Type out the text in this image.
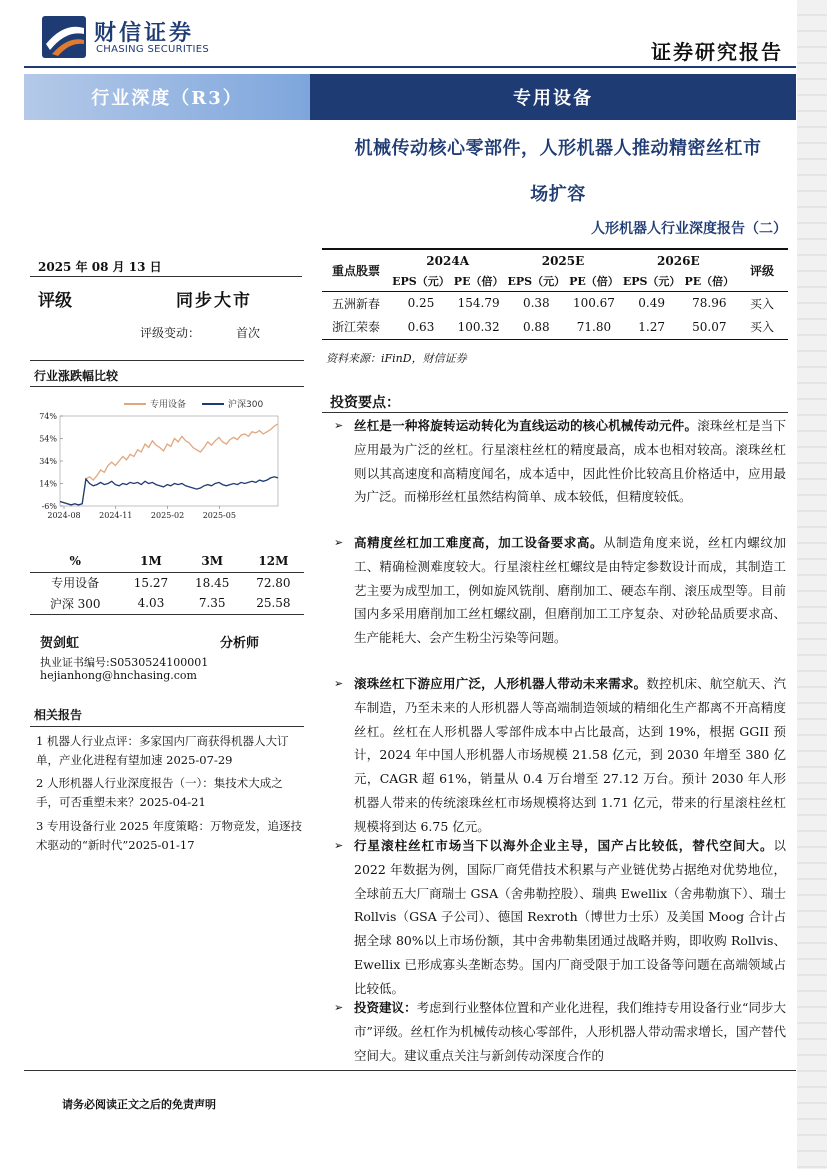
财信证券
CHASING SECURITIES	证券研究报告
行业深度（R3）	专用设备
机械传动核心零部件，人形机器人推动精密丝杠市
场扩容
人形机器人行业深度报告（二）
2025 年 08 月 13 日
评级	同步大市
评级变动：	首次
行业涨跌幅比较
74%
54%
34%
14%
-6%
2024-08 2024-11 2025-02 2025-05
专用设备	沪深300
%	1M	3M	12M
专用设备	15.27	18.45	72.80
沪深 300	4.03	7.35	25.58
贺剑虹	分析师
执业证书编号:S0530524100001
hejianhong@hnchasing.com
相关报告
1 机器人行业点评：多家国内厂商获得机器人大订单，产业化进程有望加速 2025-07-29
2 人形机器人行业深度报告（一）：集技术大成之手，可否重塑未来？2025-04-21
3 专用设备行业 2025 年度策略：万物竞发，追逐技术驱动的“新时代”2025-01-17
重点股票	2024A		2025E		2026E		评级
	EPS（元）	PE（倍）	EPS（元）	PE（倍）	EPS（元）	PE（倍）	
五洲新春	0.25	154.79	0.38	100.67	0.49	78.96	买入
浙江荣泰	0.63	100.32	0.88	71.80	1.27	50.07	买入
资料来源：iFinD，财信证券
投资要点：
➢ 丝杠是一种将旋转运动转化为直线运动的核心机械传动元件。滚珠丝杠是当下应用最为广泛的丝杠。行星滚柱丝杠的精度最高，成本也相对较高。滚珠丝杠则以其高速度和高精度闻名，成本适中，因此性价比较高且价格适中，应用最为广泛。而梯形丝杠虽然结构简单、成本较低，但精度较低。
➢ 高精度丝杠加工难度高，加工设备要求高。从制造角度来说，丝杠内螺纹加工、精确检测难度较大。行星滚柱丝杠螺纹是由特定参数设计而成，其制造工艺主要为成型加工，例如旋风铣削、磨削加工、硬态车削、滚压成型等。目前国内多采用磨削加工丝杠螺纹副，但磨削加工工序复杂、对砂轮品质要求高、生产能耗大、会产生粉尘污染等问题。
➢ 滚珠丝杠下游应用广泛，人形机器人带动未来需求。数控机床、航空航天、汽车制造，乃至未来的人形机器人等高端制造领域的精细化生产都离不开高精度丝杠。丝杠在人形机器人零部件成本中占比最高，达到 19%，根据 GGII 预计，2024 年中国人形机器人市场规模 21.58 亿元，到 2030 年增至 380 亿元，CAGR 超 61%，销量从 0.4 万台增至 27.12 万台。预计 2030 年人形机器人带来的传统滚珠丝杠市场规模将达到 1.71 亿元，带来的行星滚柱丝杠规模将到达 6.75 亿元。
➢ 行星滚柱丝杠市场当下以海外企业主导，国产占比较低，替代空间大。以 2022 年数据为例，国际厂商凭借技术积累与产业链优势占据绝对优势地位，全球前五大厂商瑞士 GSA（舍弗勒控股）、瑞典 Ewellix（舍弗勒旗下）、瑞士 Rollvis（GSA 子公司）、德国 Rexroth（博世力士乐）及美国 Moog 合计占据全球 80%以上市场份额，其中舍弗勒集团通过战略并购，即收购 Rollvis、Ewellix 已形成寡头垄断态势。国内厂商受限于加工设备等问题在高端领域占比较低。
➢ 投资建议：考虑到行业整体位置和产业化进程，我们维持专用设备行业“同步大市”评级。丝杠作为机械传动核心零部件，人形机器人带动需求增长，国产替代空间大。建议重点关注与新剑传动深度合作的
请务必阅读正文之后的免责声明
